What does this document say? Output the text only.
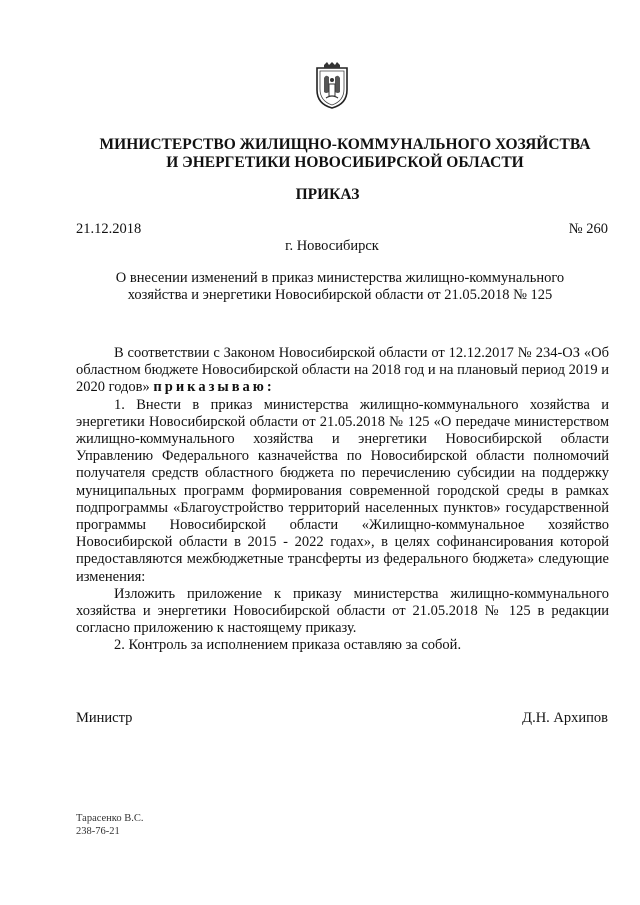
МИНИСТЕРСТВО ЖИЛИЩНО-КОММУНАЛЬНОГО ХОЗЯЙСТВА

И ЭНЕРГЕТИКИ НОВОСИБИРСКОЙ ОБЛАСТИ

ПРИКАЗ

21.12.2018	№ 260
г. Новосибирск

О внесении изменений в приказ министерства жилищно-коммунального хозяйства и энергетики Новосибирской области от 21.05.2018 № 125

В соответствии с Законом Новосибирской области от 12.12.2017 № 234-ОЗ «Об областном бюджете Новосибирской области на 2018 год и на плановый период 2019 и 2020 годов» приказываю:

1. Внести в приказ министерства жилищно-коммунального хозяйства и энергетики Новосибирской области от 21.05.2018 № 125 «О передаче министерством жилищно-коммунального хозяйства и энергетики Новосибирской области Управлению Федерального казначейства по Новосибирской области полномочий получателя средств областного бюджета по перечислению субсидии на поддержку муниципальных программ формирования современной городской среды в рамках подпрограммы «Благоустройство территорий населенных пунктов» государственной программы Новосибирской области «Жилищно-коммунальное хозяйство Новосибирской области в 2015 - 2022 годах», в целях софинансирования которой предоставляются межбюджетные трансферты из федерального бюджета» следующие изменения:

Изложить приложение к приказу министерства жилищно-коммунального хозяйства и энергетики Новосибирской области от 21.05.2018 № 125 в редакции согласно приложению к настоящему приказу.

2. Контроль за исполнением приказа оставляю за собой.

Министр	Д.Н. Архипов
Тарасенко В.С.
238-76-21
